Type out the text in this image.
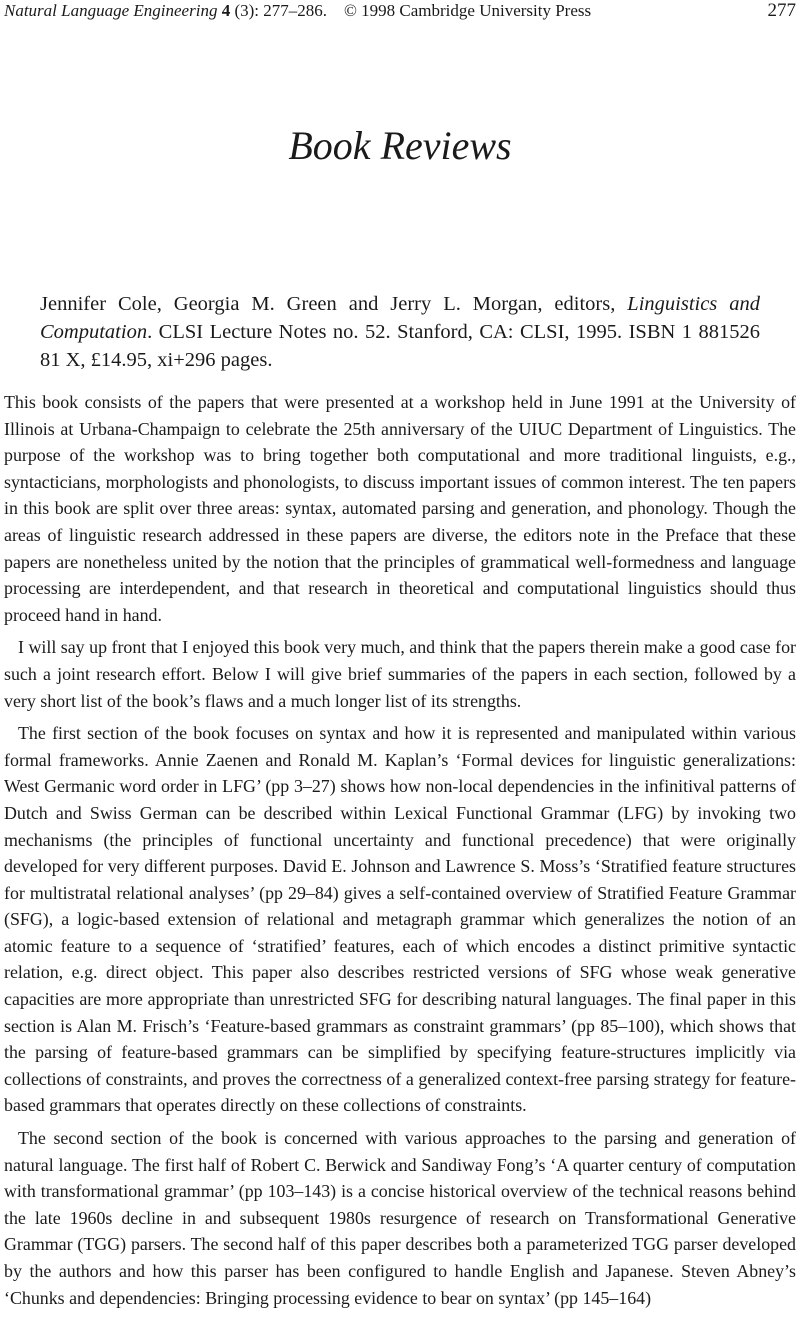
Natural Language Engineering 4 (3): 277–286. © 1998 Cambridge University Press	277
Book Reviews
Jennifer Cole, Georgia M. Green and Jerry L. Morgan, editors, Linguistics and Computation. CLSI Lecture Notes no. 52. Stanford, CA: CLSI, 1995. ISBN 1 881526 81 X, £14.95, xi+296 pages.

This book consists of the papers that were presented at a workshop held in June 1991 at the University of Illinois at Urbana-Champaign to celebrate the 25th anniversary of the UIUC Department of Linguistics. The purpose of the workshop was to bring together both computational and more traditional linguists, e.g., syntacticians, morphologists and phonologists, to discuss important issues of common interest. The ten papers in this book are split over three areas: syntax, automated parsing and generation, and phonology. Though the areas of linguistic research addressed in these papers are diverse, the editors note in the Preface that these papers are nonetheless united by the notion that the principles of grammatical well-formedness and language processing are interdependent, and that research in theoretical and computational linguistics should thus proceed hand in hand.

I will say up front that I enjoyed this book very much, and think that the papers therein make a good case for such a joint research effort. Below I will give brief summaries of the papers in each section, followed by a very short list of the book’s flaws and a much longer list of its strengths.

The first section of the book focuses on syntax and how it is represented and manipulated within various formal frameworks. Annie Zaenen and Ronald M. Kaplan’s ‘Formal devices for linguistic generalizations: West Germanic word order in LFG’ (pp 3–27) shows how non-local dependencies in the infinitival patterns of Dutch and Swiss German can be described within Lexical Functional Grammar (LFG) by invoking two mechanisms (the principles of functional uncertainty and functional precedence) that were originally developed for very different purposes. David E. Johnson and Lawrence S. Moss’s ‘Stratified feature structures for multistratal relational analyses’ (pp 29–84) gives a self-contained overview of Stratified Feature Grammar (SFG), a logic-based extension of relational and metagraph grammar which generalizes the notion of an atomic feature to a sequence of ‘stratified’ features, each of which encodes a distinct primitive syntactic relation, e.g. direct object. This paper also describes restricted versions of SFG whose weak generative capacities are more appropriate than unrestricted SFG for describing natural languages. The final paper in this section is Alan M. Frisch’s ‘Feature-based grammars as constraint grammars’ (pp 85–100), which shows that the parsing of feature-based grammars can be simplified by specifying feature-structures implicitly via collections of constraints, and proves the correctness of a generalized context-free parsing strategy for feature-based grammars that operates directly on these collections of constraints.

The second section of the book is concerned with various approaches to the parsing and generation of natural language. The first half of Robert C. Berwick and Sandiway Fong’s ‘A quarter century of computation with transformational grammar’ (pp 103–143) is a concise historical overview of the technical reasons behind the late 1960s decline in and subsequent 1980s resurgence of research on Transformational Generative Grammar (TGG) parsers. The second half of this paper describes both a parameterized TGG parser developed by the authors and how this parser has been configured to handle English and Japanese. Steven Abney’s ‘Chunks and dependencies: Bringing processing evidence to bear on syntax’ (pp 145–164)
